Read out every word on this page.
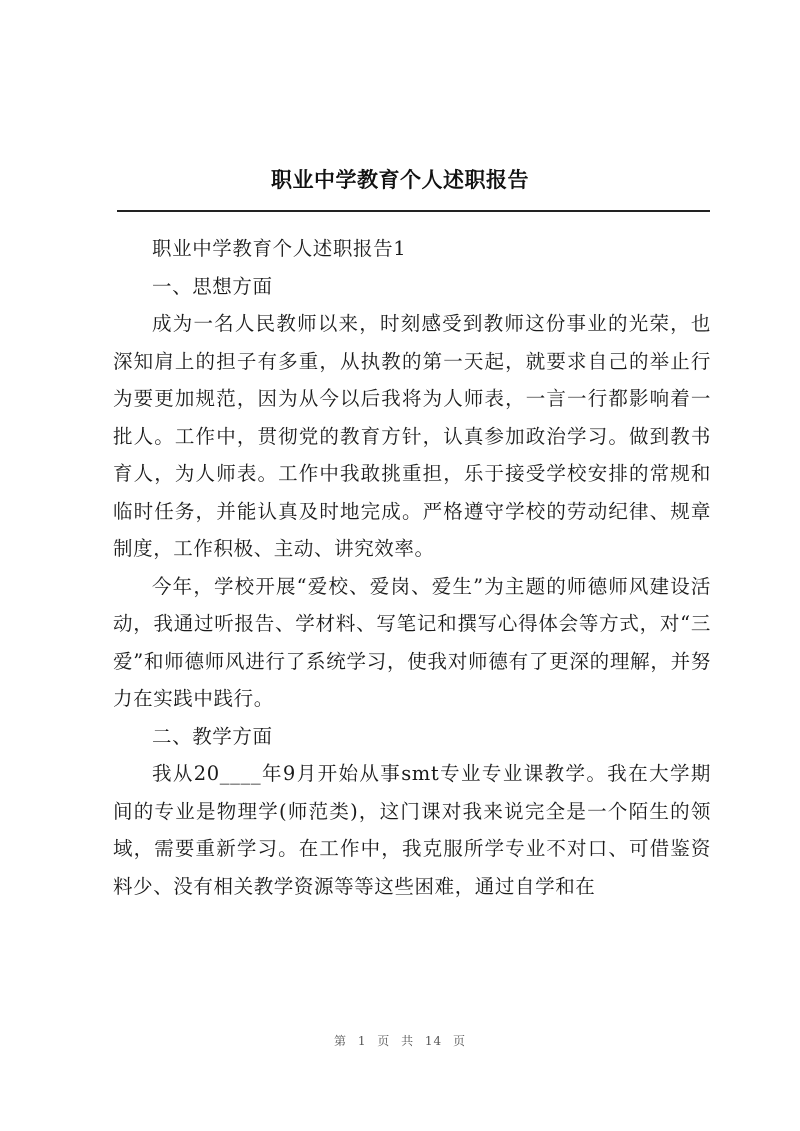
职业中学教育个人述职报告

职业中学教育个人述职报告1

一、思想方面

成为一名人民教师以来，时刻感受到教师这份事业的光荣，也深知肩上的担子有多重，从执教的第一天起，就要求自己的举止行为要更加规范，因为从今以后我将为人师表，一言一行都影响着一批人。工作中，贯彻党的教育方针，认真参加政治学习。做到教书育人，为人师表。工作中我敢挑重担，乐于接受学校安排的常规和临时任务，并能认真及时地完成。严格遵守学校的劳动纪律、规章制度，工作积极、主动、讲究效率。

今年，学校开展“爱校、爱岗、爱生”为主题的师德师风建设活动，我通过听报告、学材料、写笔记和撰写心得体会等方式，对“三爱”和师德师风进行了系统学习，使我对师德有了更深的理解，并努力在实践中践行。

二、教学方面

我从20____年9月开始从事smt专业专业课教学。我在大学期间的专业是物理学(师范类)，这门课对我来说完全是一个陌生的领域，需要重新学习。在工作中，我克服所学专业不对口、可借鉴资料少、没有相关教学资源等等这些困难，通过自学和在

第 1 页 共 14 页
